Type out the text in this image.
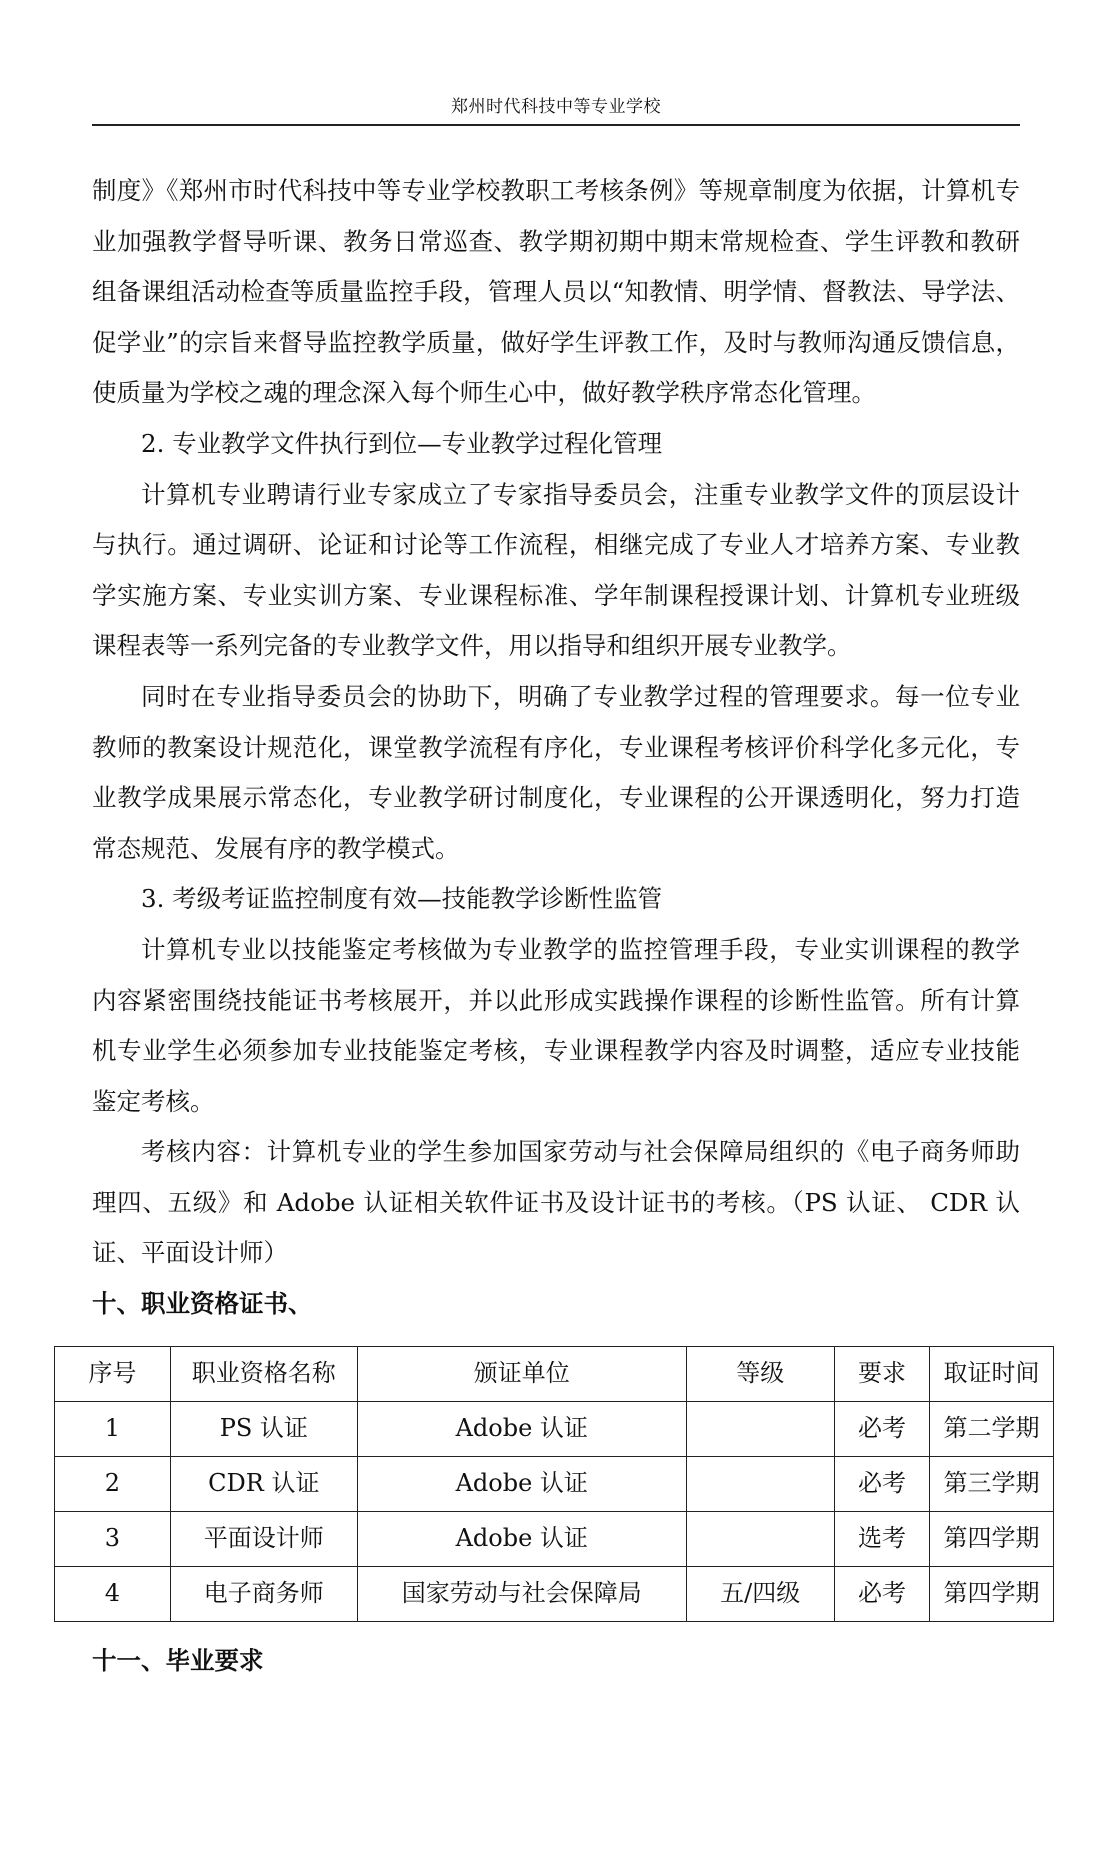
郑州时代科技中等专业学校

制度》《郑州市时代科技中等专业学校教职工考核条例》等规章制度为依据，计算机专业加强教学督导听课、教务日常巡查、教学期初期中期末常规检查、学生评教和教研组备课组活动检查等质量监控手段，管理人员以“知教情、明学情、督教法、导学法、促学业”的宗旨来督导监控教学质量，做好学生评教工作，及时与教师沟通反馈信息，使质量为学校之魂的理念深入每个师生心中，做好教学秩序常态化管理。

2. 专业教学文件执行到位—专业教学过程化管理

计算机专业聘请行业专家成立了专家指导委员会，注重专业教学文件的顶层设计与执行。通过调研、论证和讨论等工作流程，相继完成了专业人才培养方案、专业教学实施方案、专业实训方案、专业课程标准、学年制课程授课计划、计算机专业班级课程表等一系列完备的专业教学文件，用以指导和组织开展专业教学。

同时在专业指导委员会的协助下，明确了专业教学过程的管理要求。每一位专业教师的教案设计规范化，课堂教学流程有序化，专业课程考核评价科学化多元化，专业教学成果展示常态化，专业教学研讨制度化，专业课程的公开课透明化，努力打造常态规范、发展有序的教学模式。

3. 考级考证监控制度有效—技能教学诊断性监管

计算机专业以技能鉴定考核做为专业教学的监控管理手段，专业实训课程的教学内容紧密围绕技能证书考核展开，并以此形成实践操作课程的诊断性监管。所有计算机专业学生必须参加专业技能鉴定考核，专业课程教学内容及时调整，适应专业技能鉴定考核。

考核内容：计算机专业的学生参加国家劳动与社会保障局组织的《电子商务师助理四、五级》和 Adobe 认证相关软件证书及设计证书的考核。（PS 认证、 CDR 认证、平面设计师）

十、职业资格证书、

序号	职业资格名称	颁证单位	等级	要求	取证时间
1	PS 认证	Adobe 认证		必考	第二学期
2	CDR 认证	Adobe 认证		必考	第三学期
3	平面设计师	Adobe 认证		选考	第四学期
4	电子商务师	国家劳动与社会保障局	五/四级	必考	第四学期

十一、毕业要求
